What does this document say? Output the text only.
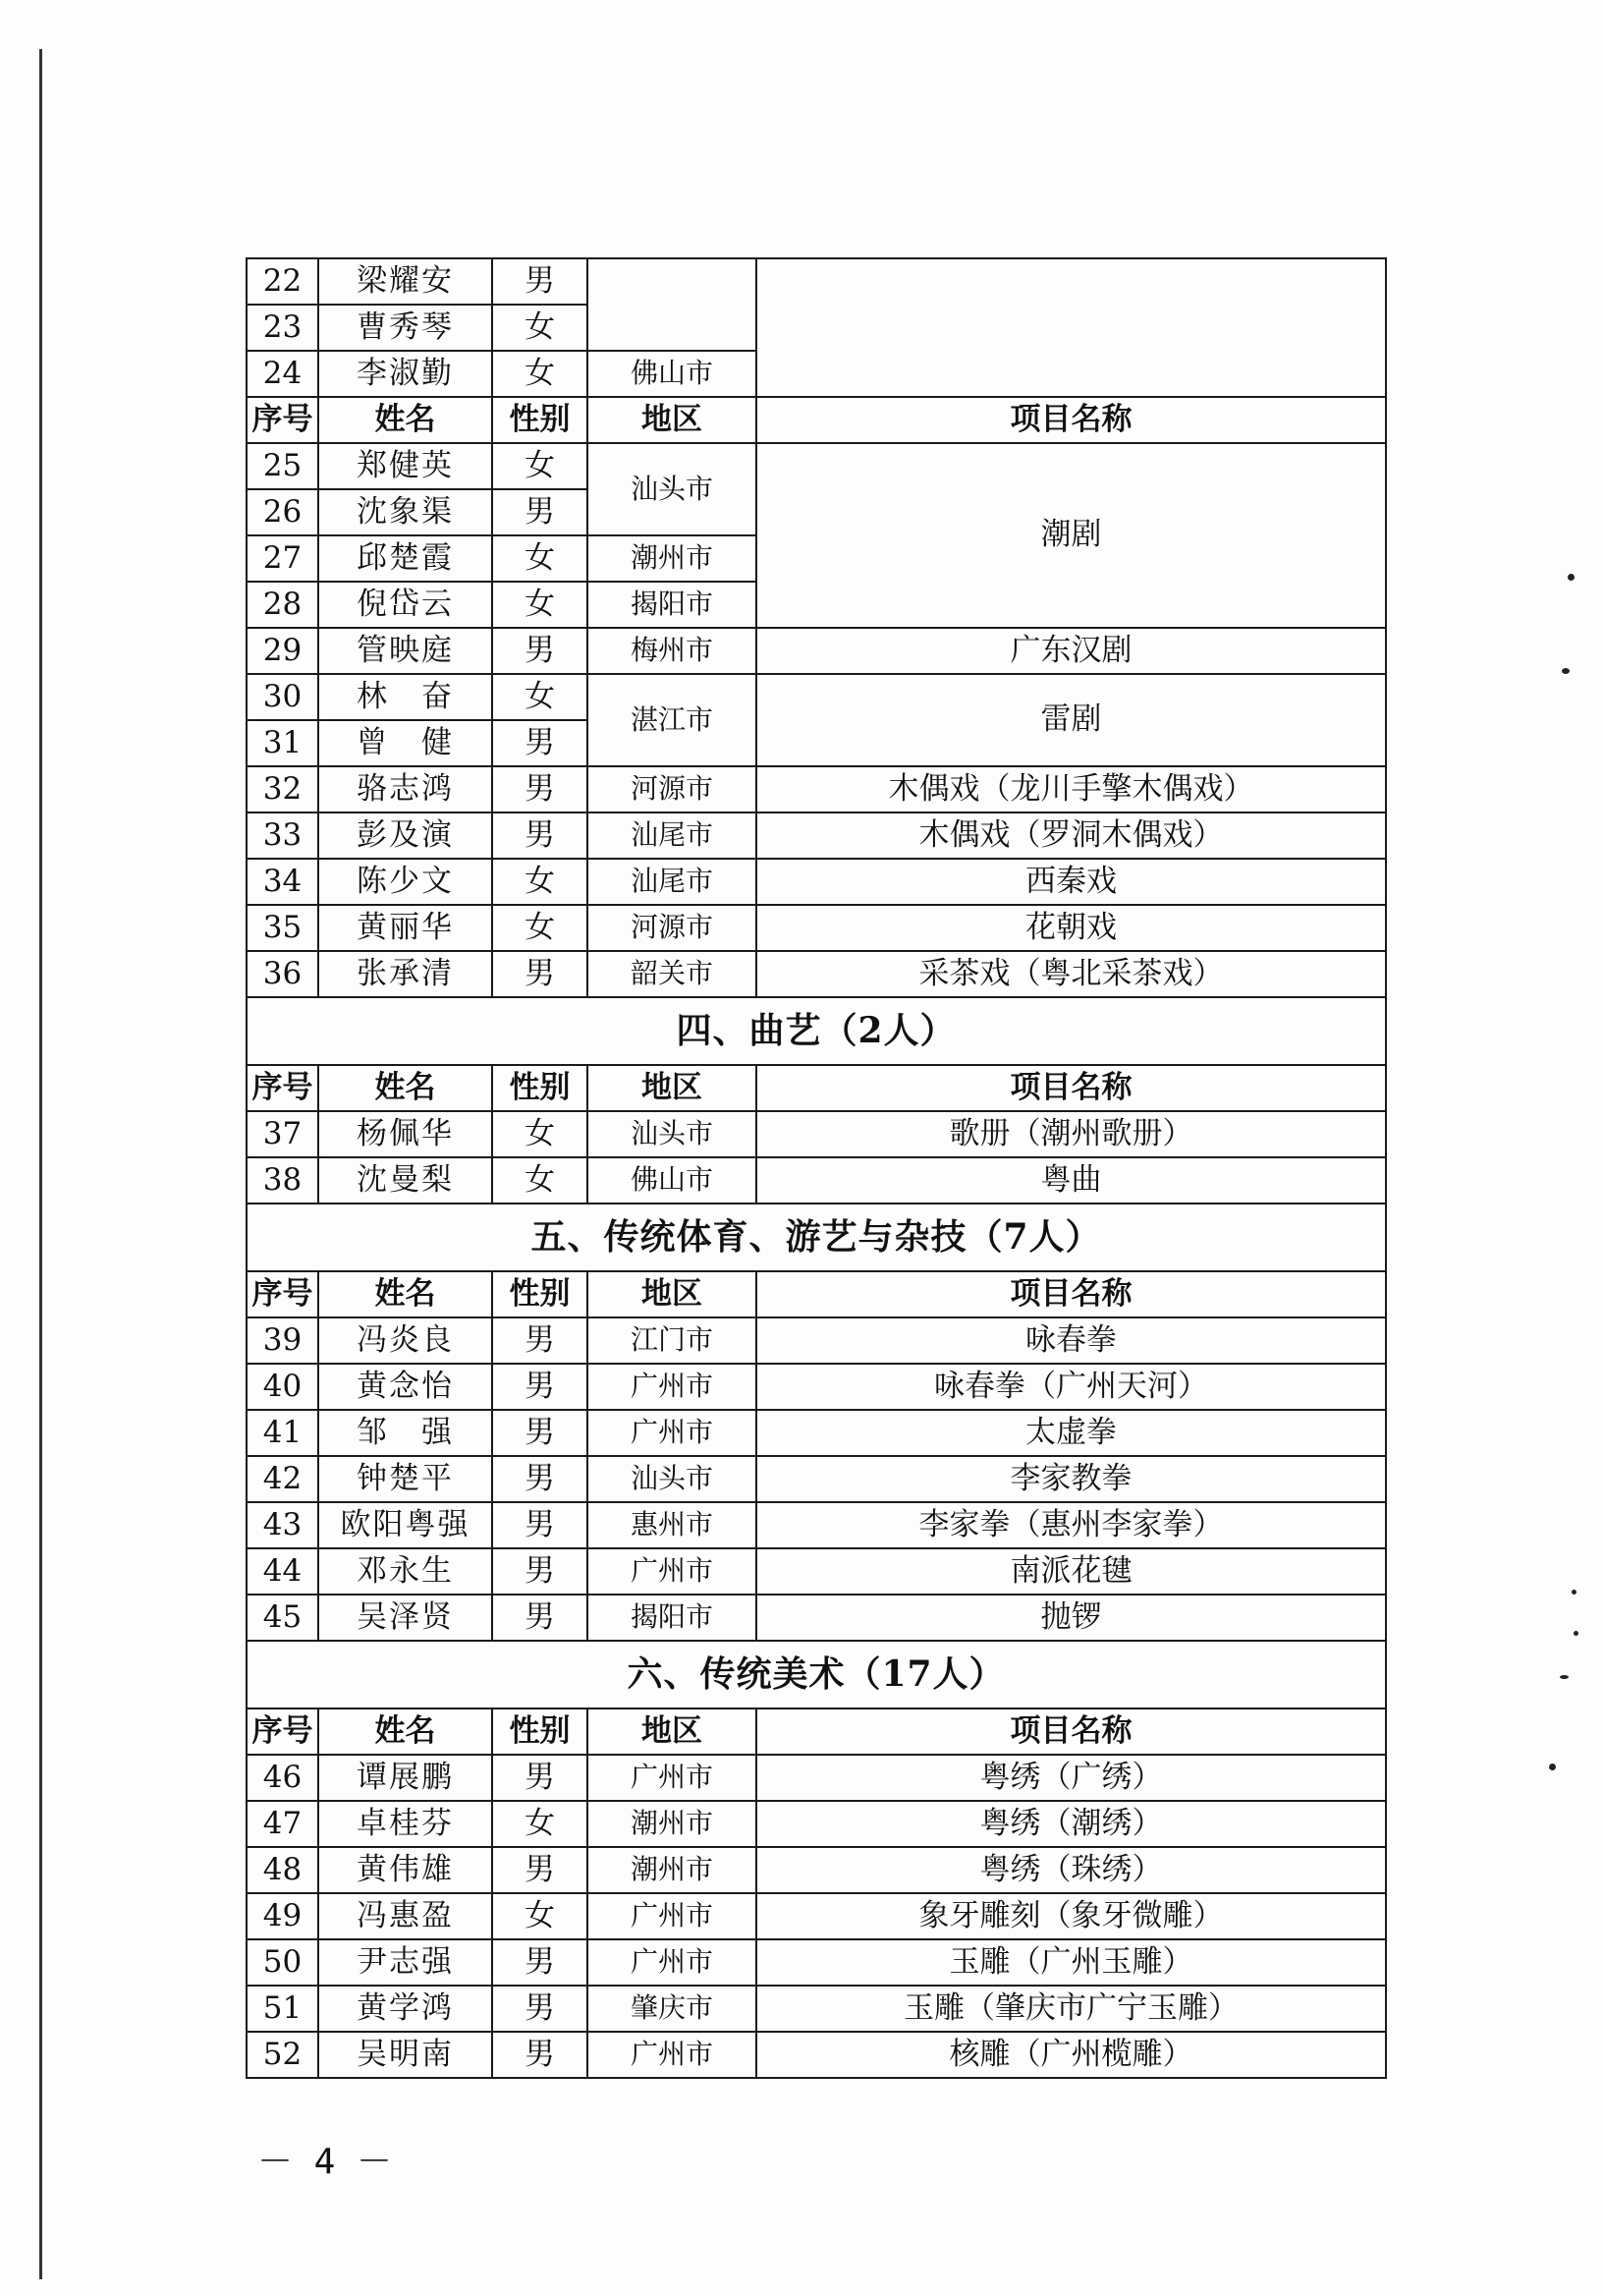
22	梁耀安	男		
23	曹秀琴	女		
24	李淑勤	女	佛山市	
序号	姓名	性别	地区	项目名称
25	郑健英	女	汕头市	潮剧
26	沈象渠	男		
27	邱楚霞	女	潮州市	
28	倪岱云	女	揭阳市	
29	管映庭	男	梅州市	广东汉剧
30	林　奋	女	湛江市	雷剧
31	曾　健	男		
32	骆志鸿	男	河源市	木偶戏（龙川手擎木偶戏）
33	彭及演	男	汕尾市	木偶戏（罗洞木偶戏）
34	陈少文	女	汕尾市	西秦戏
35	黄丽华	女	河源市	花朝戏
36	张承清	男	韶关市	采茶戏（粤北采茶戏）
四、曲艺（2人）				
序号	姓名	性别	地区	项目名称
37	杨佩华	女	汕头市	歌册（潮州歌册）
38	沈曼梨	女	佛山市	粤曲
五、传统体育、游艺与杂技（7人）				
序号	姓名	性别	地区	项目名称
39	冯炎良	男	江门市	咏春拳
40	黄念怡	男	广州市	咏春拳（广州天河）
41	邹　强	男	广州市	太虚拳
42	钟楚平	男	汕头市	李家教拳
43	欧阳粤强	男	惠州市	李家拳（惠州李家拳）
44	邓永生	男	广州市	南派花毽
45	吴泽贤	男	揭阳市	抛锣
六、传统美术（17人）				
序号	姓名	性别	地区	项目名称
46	谭展鹏	男	广州市	粤绣（广绣）
47	卓桂芬	女	潮州市	粤绣（潮绣）
48	黄伟雄	男	潮州市	粤绣（珠绣）
49	冯惠盈	女	广州市	象牙雕刻（象牙微雕）
50	尹志强	男	广州市	玉雕（广州玉雕）
51	黄学鸿	男	肇庆市	玉雕（肇庆市广宁玉雕）
52	吴明南	男	广州市	核雕（广州榄雕）
－ 4 －
